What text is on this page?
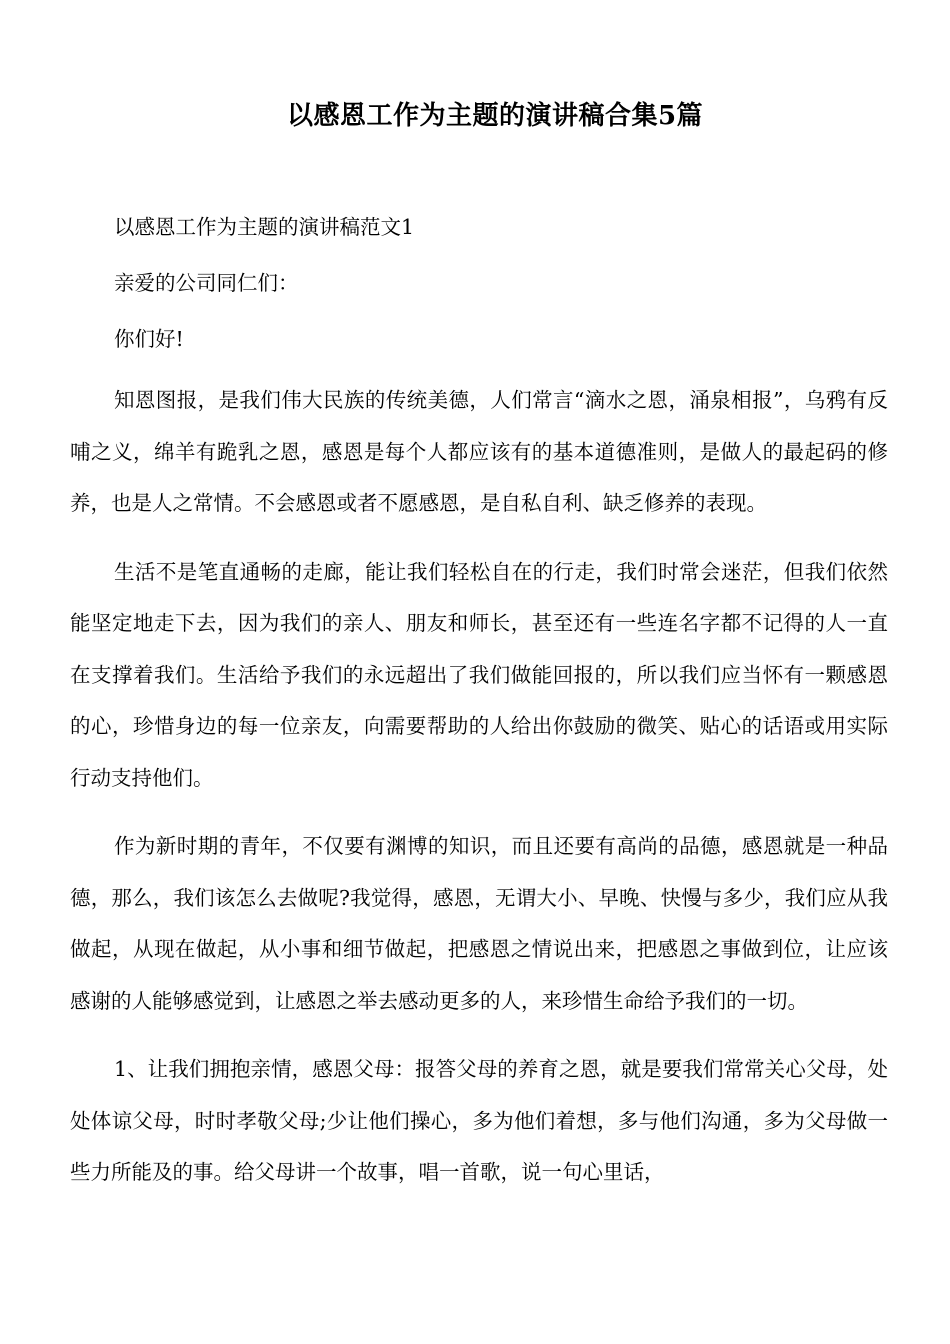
以感恩工作为主题的演讲稿合集5篇

以感恩工作为主题的演讲稿范文1

亲爱的公司同仁们：

你们好!

知恩图报，是我们伟大民族的传统美德，人们常言“滴水之恩，涌泉相报”，乌鸦有反哺之义，绵羊有跪乳之恩，感恩是每个人都应该有的基本道德准则，是做人的最起码的修养，也是人之常情。不会感恩或者不愿感恩，是自私自利、缺乏修养的表现。

生活不是笔直通畅的走廊，能让我们轻松自在的行走，我们时常会迷茫，但我们依然能坚定地走下去，因为我们的亲人、朋友和师长，甚至还有一些连名字都不记得的人一直在支撑着我们。生活给予我们的永远超出了我们做能回报的，所以我们应当怀有一颗感恩的心，珍惜身边的每一位亲友，向需要帮助的人给出你鼓励的微笑、贴心的话语或用实际行动支持他们。

作为新时期的青年，不仅要有渊博的知识，而且还要有高尚的品德，感恩就是一种品德，那么，我们该怎么去做呢?我觉得，感恩，无谓大小、早晚、快慢与多少，我们应从我做起，从现在做起，从小事和细节做起，把感恩之情说出来，把感恩之事做到位，让应该感谢的人能够感觉到，让感恩之举去感动更多的人，来珍惜生命给予我们的一切。

1、让我们拥抱亲情，感恩父母：报答父母的养育之恩，就是要我们常常关心父母，处处体谅父母，时时孝敬父母;少让他们操心，多为他们着想，多与他们沟通，多为父母做一些力所能及的事。给父母讲一个故事，唱一首歌，说一句心里话，
